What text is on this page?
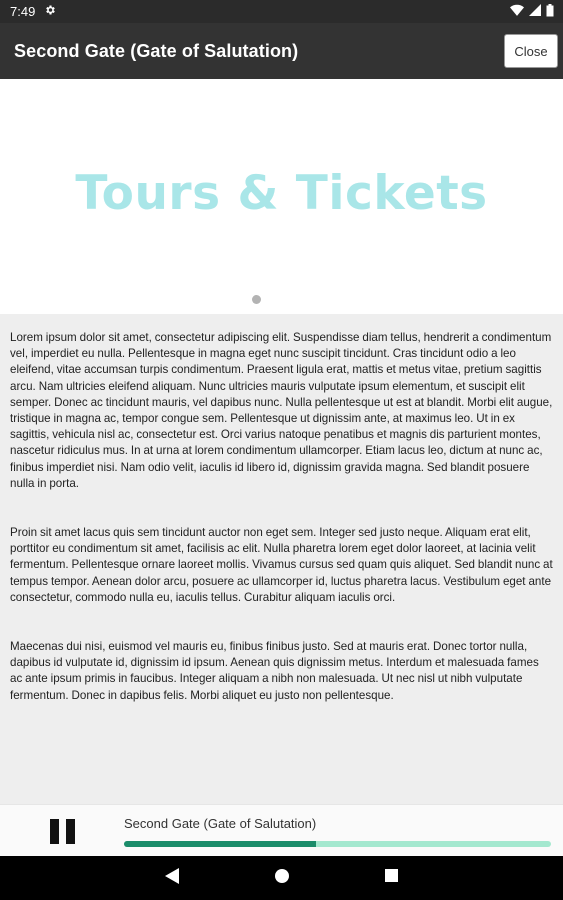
7:49
Second Gate (Gate of Salutation)	Close
Tours & Tickets

Lorem ipsum dolor sit amet, consectetur adipiscing elit. Suspendisse diam tellus, hendrerit a condimentum vel, imperdiet eu nulla. Pellentesque in magna eget nunc suscipit tincidunt. Cras tincidunt odio a leo eleifend, vitae accumsan turpis condimentum. Praesent ligula erat, mattis et metus vitae, pretium sagittis arcu. Nam ultricies eleifend aliquam. Nunc ultricies mauris vulputate ipsum elementum, et suscipit elit semper. Donec ac tincidunt mauris, vel dapibus nunc. Nulla pellentesque ut est at blandit. Morbi elit augue, tristique in magna ac, tempor congue sem. Pellentesque ut dignissim ante, at maximus leo. Ut in ex sagittis, vehicula nisl ac, consectetur est. Orci varius natoque penatibus et magnis dis parturient montes, nascetur ridiculus mus. In at urna at lorem condimentum ullamcorper. Etiam lacus leo, dictum at nunc ac, finibus imperdiet nisi. Nam odio velit, iaculis id libero id, dignissim gravida magna. Sed blandit posuere nulla in porta.

Proin sit amet lacus quis sem tincidunt auctor non eget sem. Integer sed justo neque. Aliquam erat elit, porttitor eu condimentum sit amet, facilisis ac elit. Nulla pharetra lorem eget dolor laoreet, at lacinia velit fermentum. Pellentesque ornare laoreet mollis. Vivamus cursus sed quam quis aliquet. Sed blandit nunc at tempus tempor. Aenean dolor arcu, posuere ac ullamcorper id, luctus pharetra lacus. Vestibulum eget ante consectetur, commodo nulla eu, iaculis tellus. Curabitur aliquam iaculis orci.

Maecenas dui nisi, euismod vel mauris eu, finibus finibus justo. Sed at mauris erat. Donec tortor nulla, dapibus id vulputate id, dignissim id ipsum. Aenean quis dignissim metus. Interdum et malesuada fames ac ante ipsum primis in faucibus. Integer aliquam a nibh non malesuada. Ut nec nisl ut nibh vulputate fermentum. Donec in dapibus felis. Morbi aliquet eu justo non pellentesque.

Second Gate (Gate of Salutation)
